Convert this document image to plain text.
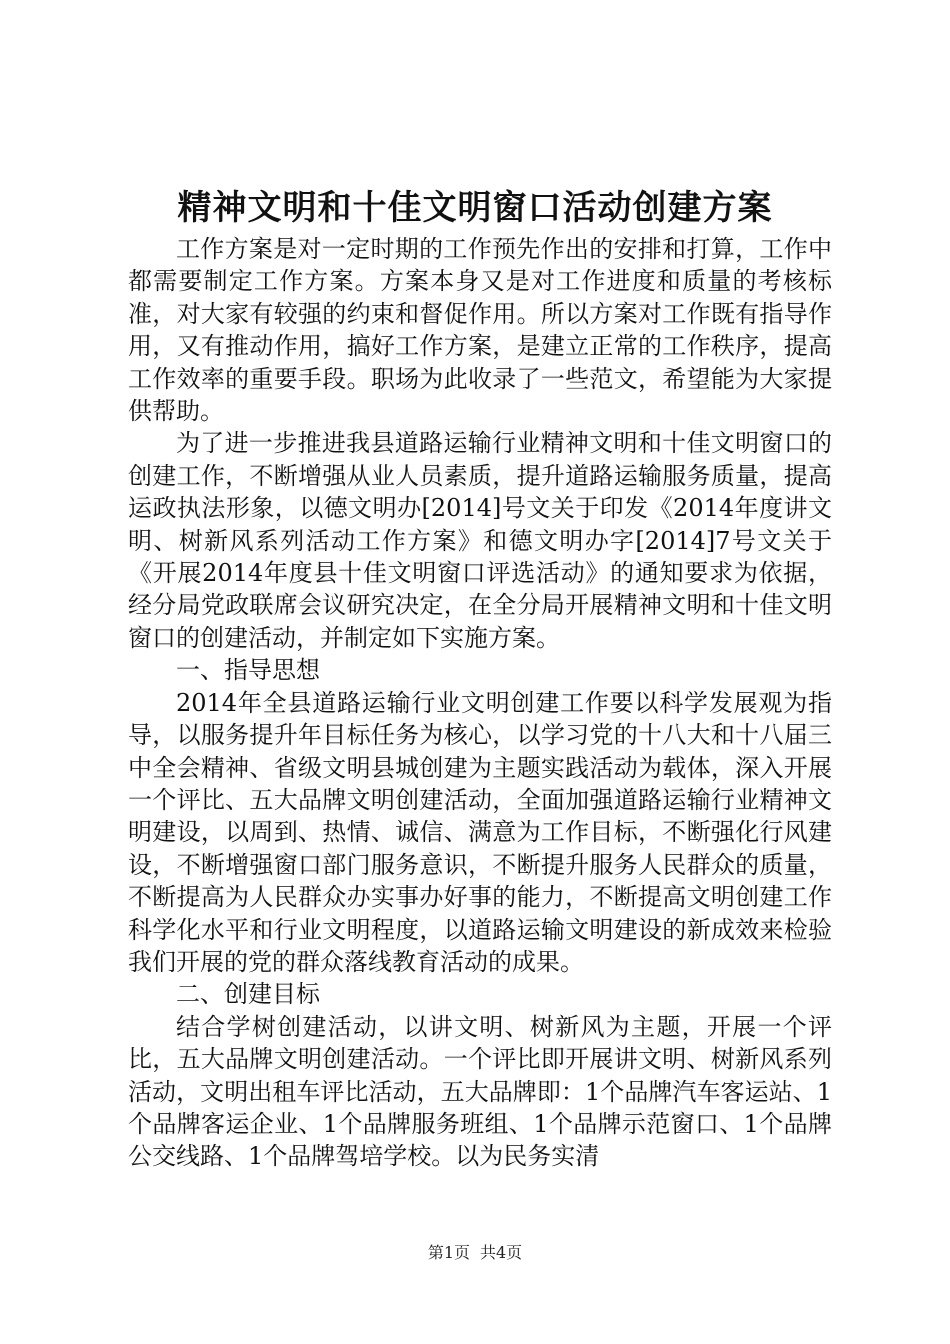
精神文明和十佳文明窗口活动创建方案

工作方案是对一定时期的工作预先作出的安排和打算，工作中都需要制定工作方案。方案本身又是对工作进度和质量的考核标准，对大家有较强的约束和督促作用。所以方案对工作既有指导作用，又有推动作用，搞好工作方案，是建立正常的工作秩序，提高工作效率的重要手段。职场为此收录了一些范文，希望能为大家提供帮助。

为了进一步推进我县道路运输行业精神文明和十佳文明窗口的创建工作，不断增强从业人员素质，提升道路运输服务质量，提高运政执法形象，以德文明办[2014]号文关于印发《2014年度讲文明、树新风系列活动工作方案》和德文明办字[2014]7号文关于《开展2014年度县十佳文明窗口评选活动》的通知要求为依据，经分局党政联席会议研究决定，在全分局开展精神文明和十佳文明窗口的创建活动，并制定如下实施方案。

一、指导思想

2014年全县道路运输行业文明创建工作要以科学发展观为指导，以服务提升年目标任务为核心，以学习党的十八大和十八届三中全会精神、省级文明县城创建为主题实践活动为载体，深入开展一个评比、五大品牌文明创建活动，全面加强道路运输行业精神文明建设，以周到、热情、诚信、满意为工作目标，不断强化行风建设，不断增强窗口部门服务意识，不断提升服务人民群众的质量，不断提高为人民群众办实事办好事的能力，不断提高文明创建工作科学化水平和行业文明程度，以道路运输文明建设的新成效来检验我们开展的党的群众落线教育活动的成果。

二、创建目标

结合学树创建活动，以讲文明、树新风为主题，开展一个评比，五大品牌文明创建活动。一个评比即开展讲文明、树新风系列活动，文明出租车评比活动，五大品牌即：1个品牌汽车客运站、1个品牌客运企业、1个品牌服务班组、1个品牌示范窗口、1个品牌公交线路、1个品牌驾培学校。以为民务实清

第1页 共4页
